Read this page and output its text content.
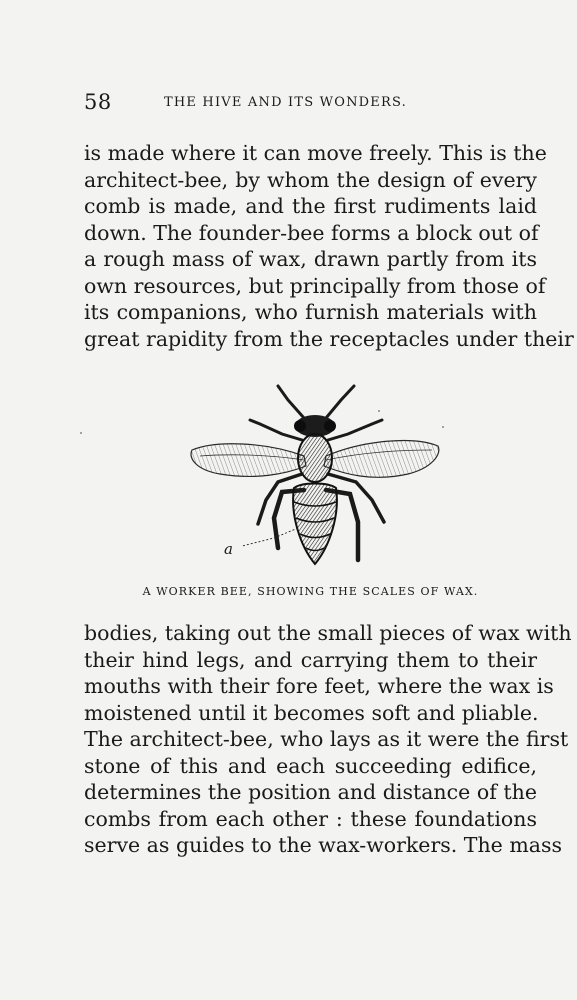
58	THE HIVE AND ITS WONDERS.
is made where it can move freely. This is the
architect-bee, by whom the design of every
comb is made, and the first rudiments laid
down. The founder-bee forms a block out of
a rough mass of wax, drawn partly from its
own resources, but principally from those of
its companions, who furnish materials with
great rapidity from the receptacles under their
a
A WORKER BEE, SHOWING THE SCALES OF WAX.
bodies, taking out the small pieces of wax with
their hind legs, and carrying them to their
mouths with their fore feet, where the wax is
moistened until it becomes soft and pliable.
The architect-bee, who lays as it were the first
stone of this and each succeeding edifice,
determines the position and distance of the
combs from each other : these foundations
serve as guides to the wax-workers. The mass
